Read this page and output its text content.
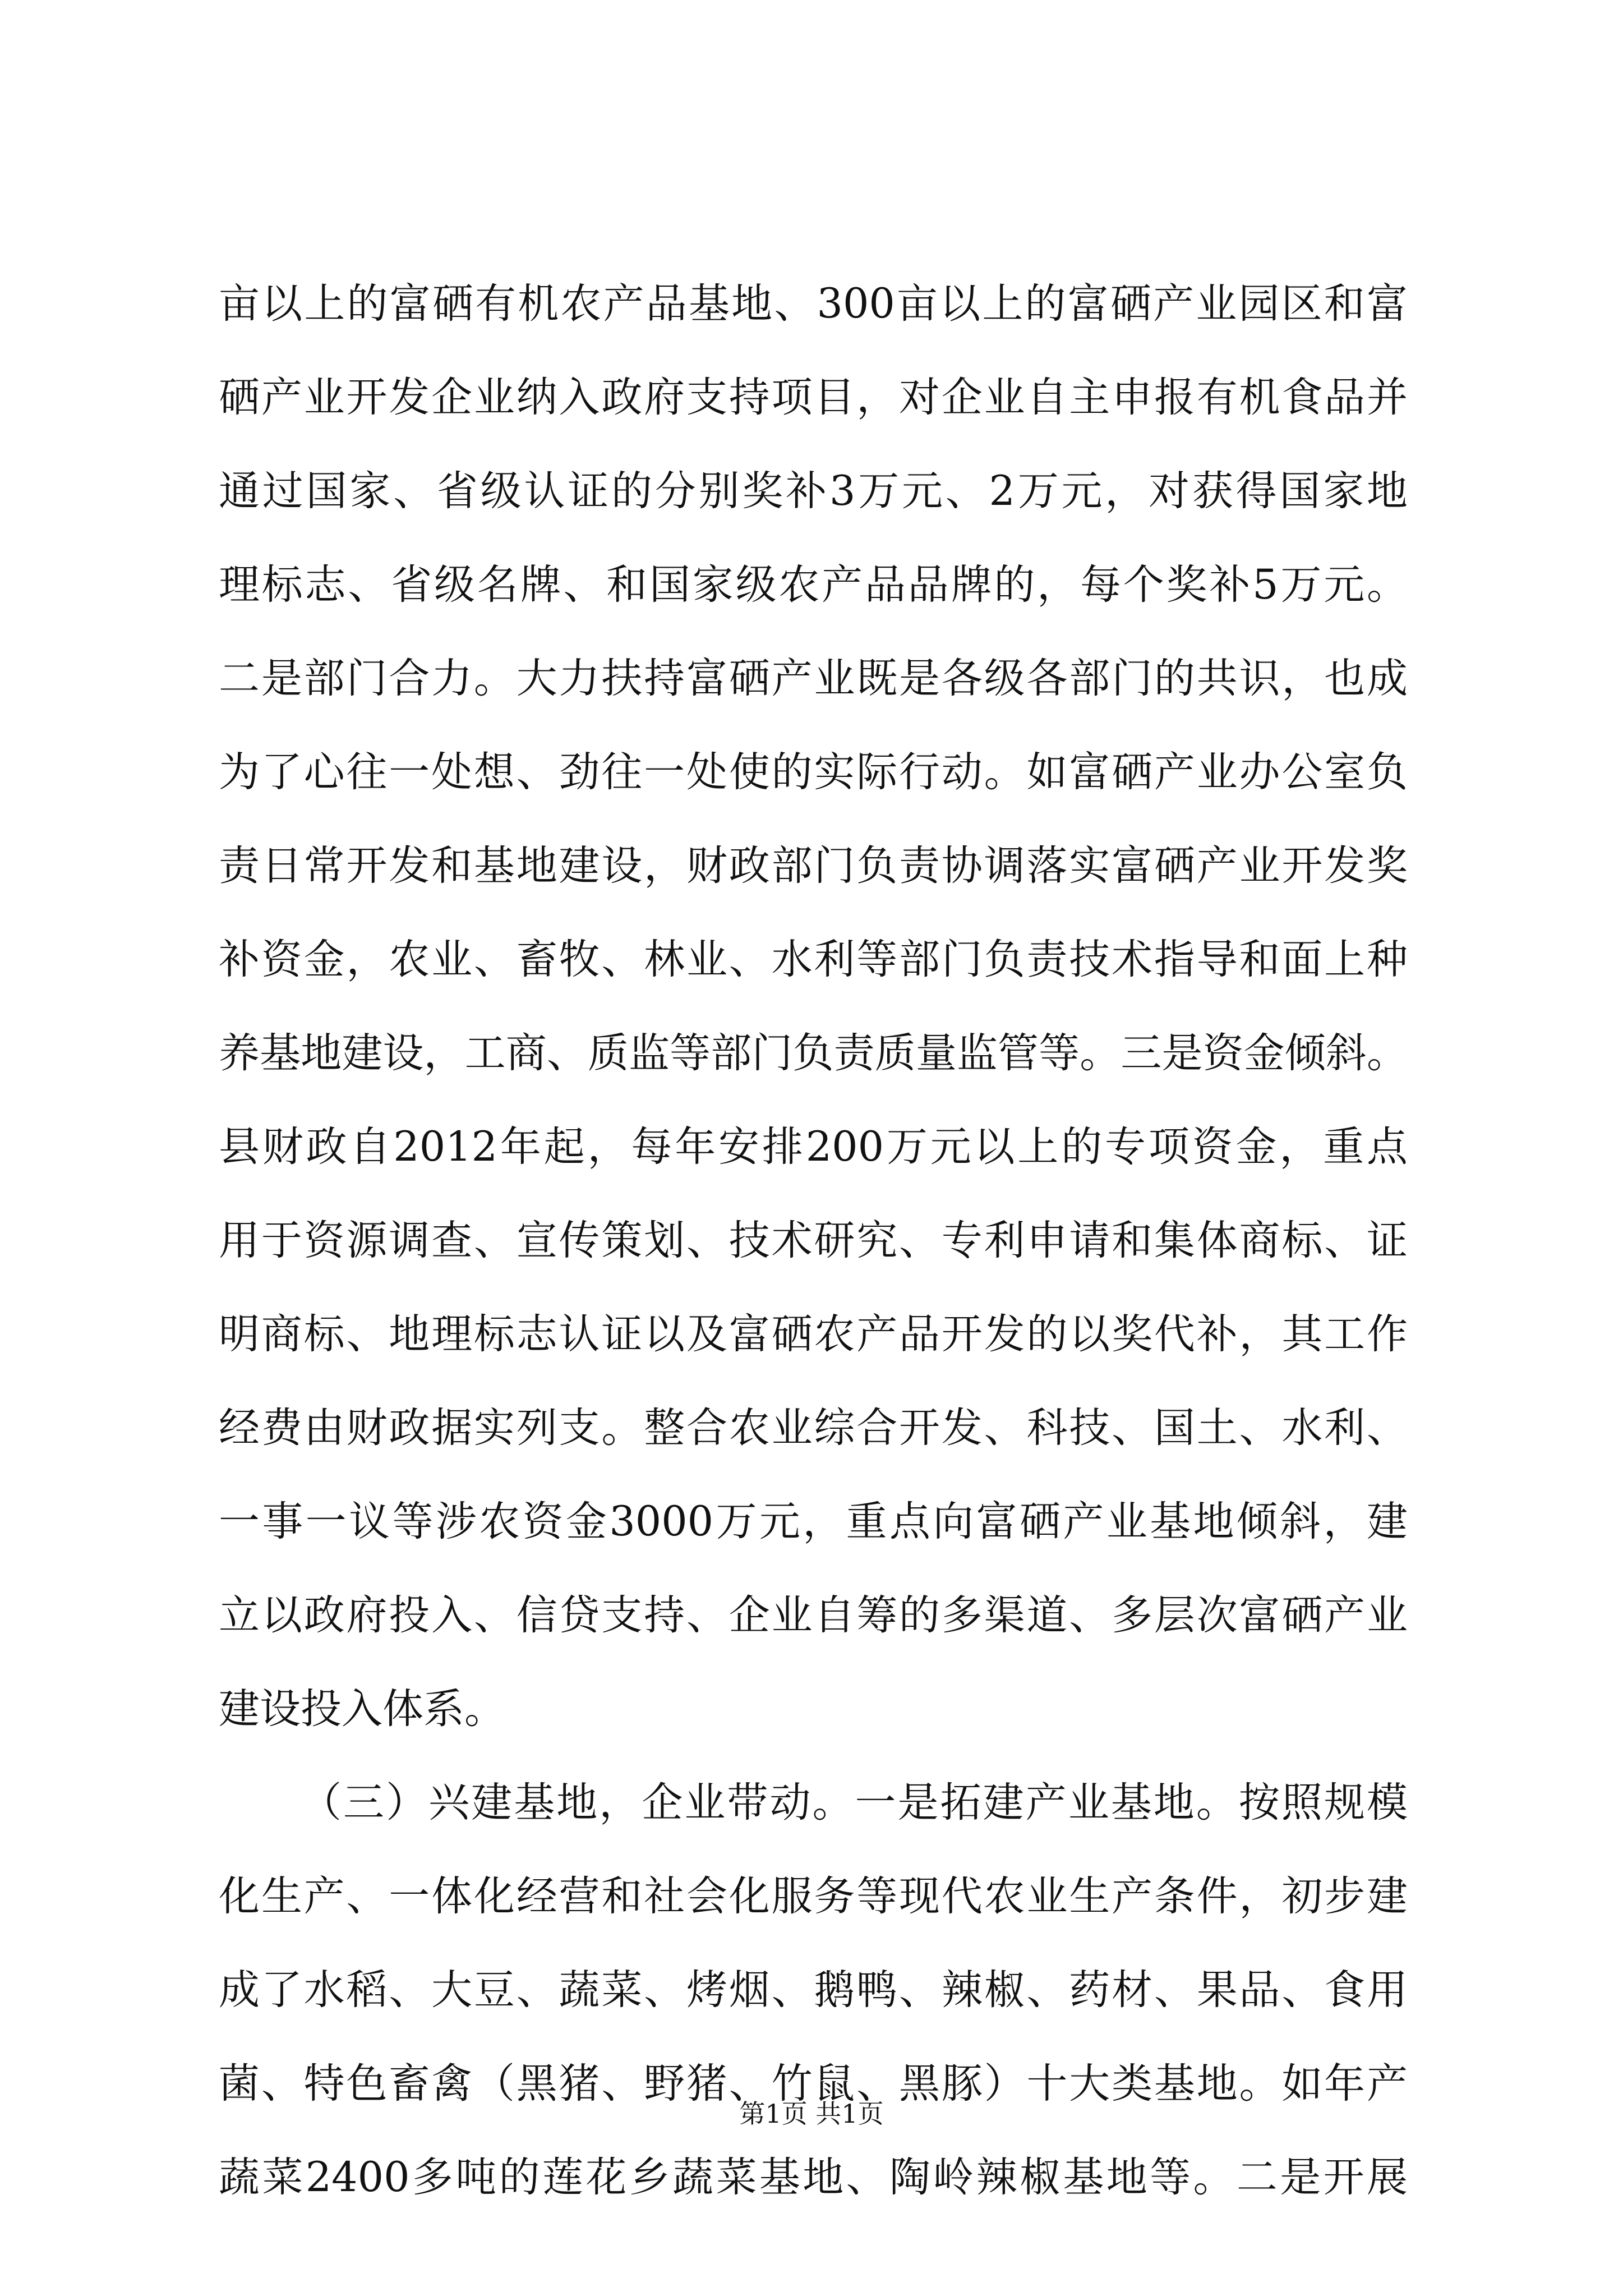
亩以上的富硒有机农产品基地、300亩以上的富硒产业园区和富
硒产业开发企业纳入政府支持项目，对企业自主申报有机食品并
通过国家、省级认证的分别奖补3万元、2万元，对获得国家地
理标志、省级名牌、和国家级农产品品牌的，每个奖补5万元。
二是部门合力。大力扶持富硒产业既是各级各部门的共识，也成
为了心往一处想、劲往一处使的实际行动。如富硒产业办公室负
责日常开发和基地建设，财政部门负责协调落实富硒产业开发奖
补资金，农业、畜牧、林业、水利等部门负责技术指导和面上种
养基地建设，工商、质监等部门负责质量监管等。三是资金倾斜。
县财政自2012年起，每年安排200万元以上的专项资金，重点
用于资源调查、宣传策划、技术研究、专利申请和集体商标、证
明商标、地理标志认证以及富硒农产品开发的以奖代补，其工作
经费由财政据实列支。整合农业综合开发、科技、国土、水利、
一事一议等涉农资金3000万元，重点向富硒产业基地倾斜，建
立以政府投入、信贷支持、企业自筹的多渠道、多层次富硒产业
建设投入体系。
（三）兴建基地，企业带动。一是拓建产业基地。按照规模
化生产、一体化经营和社会化服务等现代农业生产条件，初步建
成了水稻、大豆、蔬菜、烤烟、鹅鸭、辣椒、药材、果品、食用
菌、特色畜禽（黑猪、野猪、竹鼠、黑豚）十大类基地。如年产
蔬菜2400多吨的莲花乡蔬菜基地、陶岭辣椒基地等。二是开展
第1页 共1页
